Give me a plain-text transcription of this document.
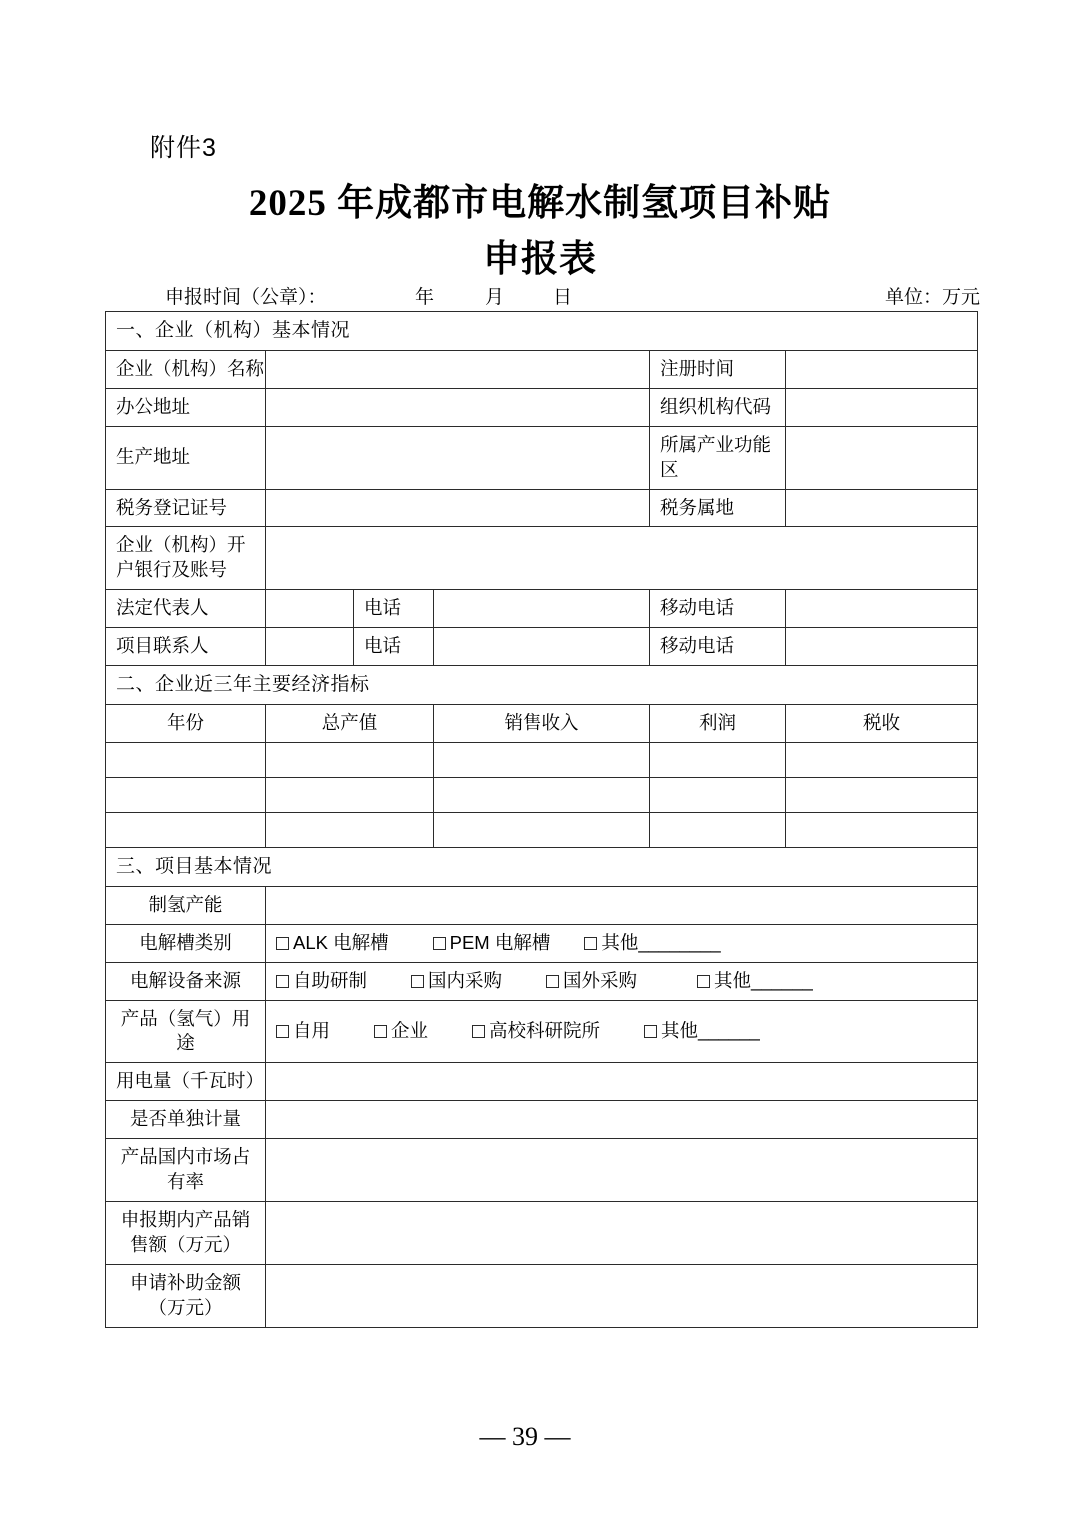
附件3
2025 年成都市电解水制氢项目补贴
申报表
申报时间（公章）：	年	月	日	单位：万元
一、企业（机构）基本情况					
企业（机构）名称				注册时间	
办公地址				组织机构代码	
生产地址				所属产业功能区	
税务登记证号				税务属地	
企业（机构）开户银行及账号					
法定代表人		电话		移动电话	
项目联系人		电话		移动电话	
二、企业近三年主要经济指标					
年份	总产值		销售收入	利润	税收

三、项目基本情况					
制氢产能					
电解槽类别	ALK 电解槽 PEM 电解槽 其他________				
电解设备来源	自助研制 国内采购 国外采购 其他______				
产品（氢气）用途	自用 企业 高校科研院所 其他______				
用电量（千瓦时）					
是否单独计量					
产品国内市场占有率					
申报期内产品销售额（万元）					
申请补助金额（万元）					
— 39 —
